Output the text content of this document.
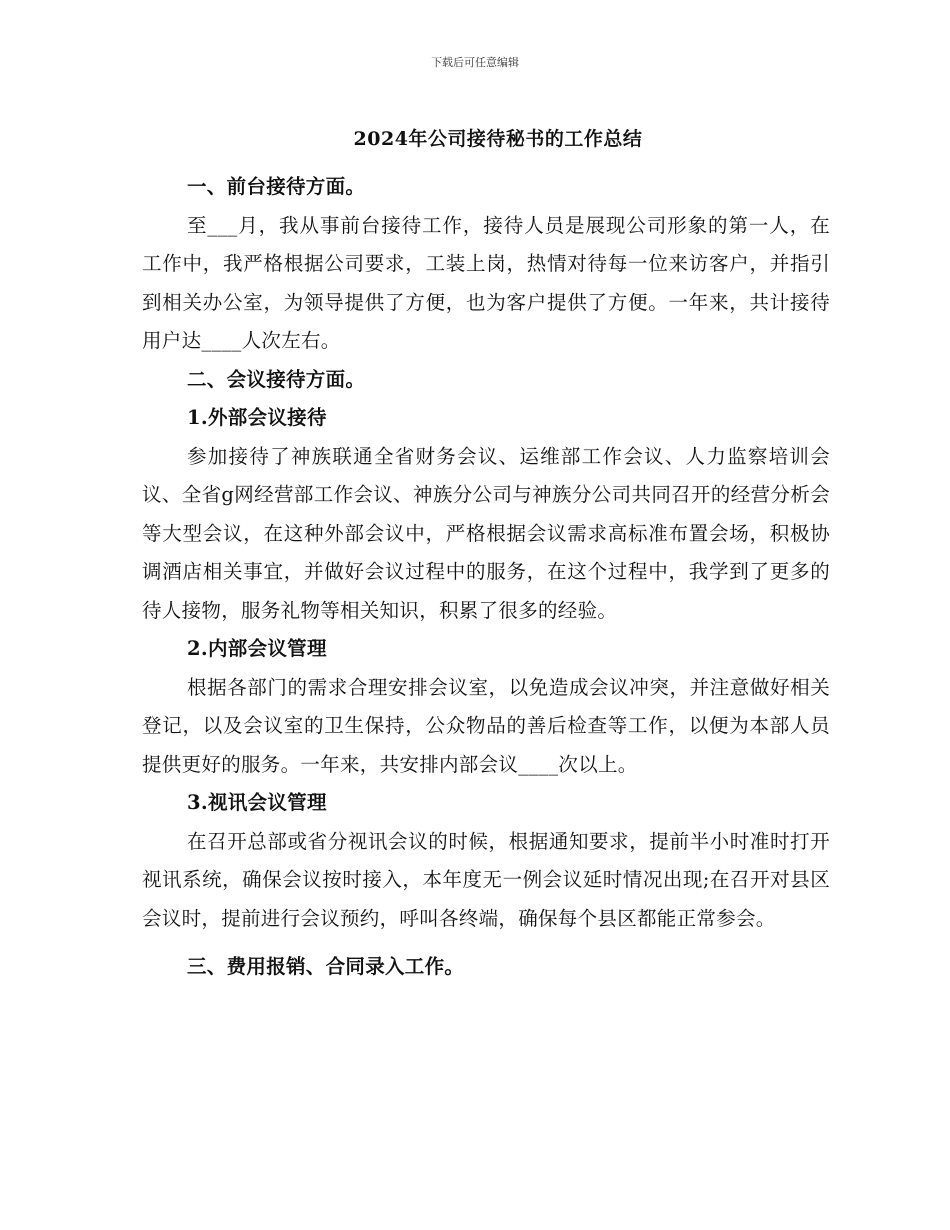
下载后可任意编辑
2024年公司接待秘书的工作总结

一、前台接待方面。

至___月，我从事前台接待工作，接待人员是展现公司形象的第一人，在工作中，我严格根据公司要求，工装上岗，热情对待每一位来访客户，并指引到相关办公室，为领导提供了方便，也为客户提供了方便。一年来，共计接待用户达____人次左右。

二、会议接待方面。

1.外部会议接待

参加接待了神族联通全省财务会议、运维部工作会议、人力监察培训会议、全省g网经营部工作会议、神族分公司与神族分公司共同召开的经营分析会等大型会议，在这种外部会议中，严格根据会议需求高标准布置会场，积极协调酒店相关事宜，并做好会议过程中的服务，在这个过程中，我学到了更多的待人接物，服务礼物等相关知识，积累了很多的经验。

2.内部会议管理

根据各部门的需求合理安排会议室，以免造成会议冲突，并注意做好相关登记，以及会议室的卫生保持，公众物品的善后检查等工作，以便为本部人员提供更好的服务。一年来，共安排内部会议____次以上。

3.视讯会议管理

在召开总部或省分视讯会议的时候，根据通知要求，提前半小时准时打开视讯系统，确保会议按时接入，本年度无一例会议延时情况出现;在召开对县区会议时，提前进行会议预约，呼叫各终端，确保每个县区都能正常参会。

三、费用报销、合同录入工作。
